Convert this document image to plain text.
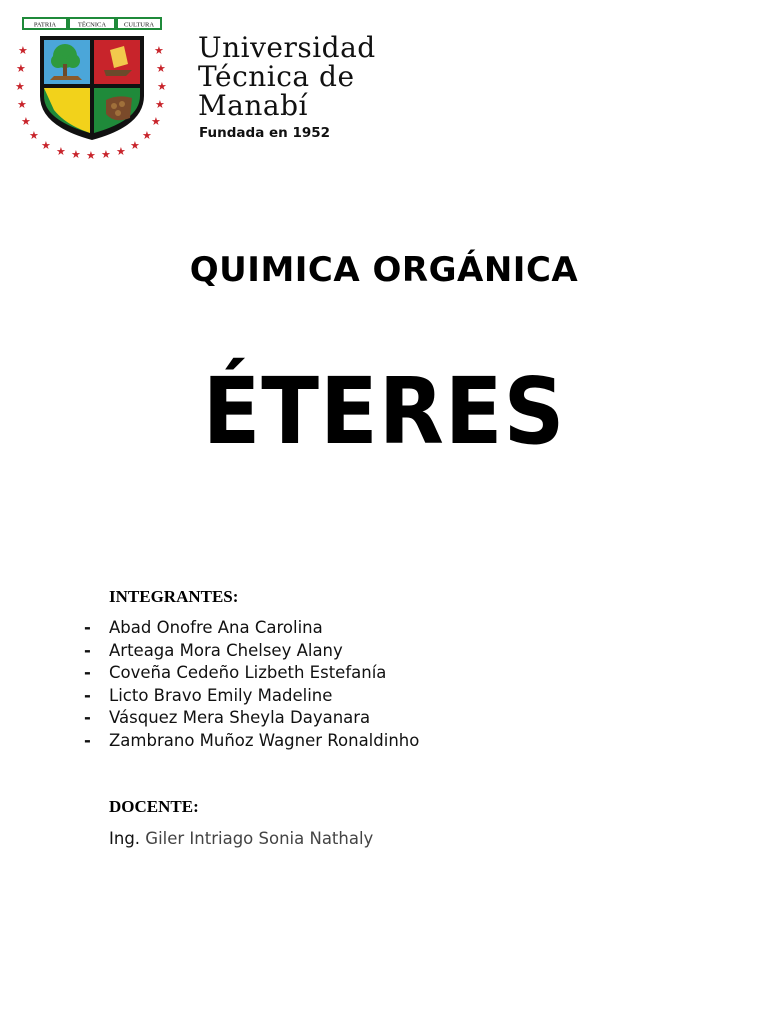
★
★
★
★
★
★
★ ★ ★ ★ ★ ★ ★
★
★
★
★
★
★
PATRIA	TÉCNICA	CULTURA
Universidad
Técnica de
Manabí
Fundada en 1952
QUIMICA ORGÁNICA
ÉTERES
INTEGRANTES:
- Abad Onofre Ana Carolina
- Arteaga Mora Chelsey Alany
- Coveña Cedeño Lizbeth Estefanía
- Licto Bravo Emily Madeline
- Vásquez Mera Sheyla Dayanara
- Zambrano Muñoz Wagner Ronaldinho
DOCENTE:
Ing. Giler Intriago Sonia Nathaly
